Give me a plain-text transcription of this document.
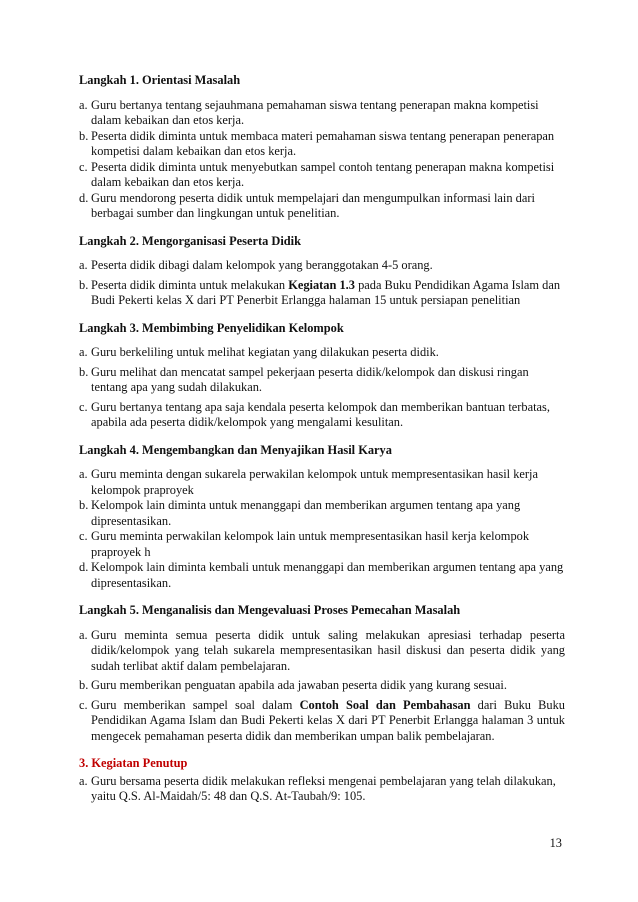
Langkah 1. Orientasi Masalah
a. Guru bertanya tentang sejauhmana pemahaman siswa tentang penerapan makna kompetisi dalam kebaikan dan etos kerja.
b. Peserta didik diminta untuk membaca materi pemahaman siswa tentang penerapan penerapan kompetisi dalam kebaikan dan etos kerja.
c. Peserta didik diminta untuk menyebutkan sampel contoh tentang penerapan makna kompetisi dalam kebaikan dan etos kerja.
d. Guru mendorong peserta didik untuk mempelajari dan mengumpulkan informasi lain dari berbagai sumber dan lingkungan untuk penelitian.
Langkah 2. Mengorganisasi Peserta Didik
a. Peserta didik dibagi dalam kelompok yang beranggotakan 4-5 orang.
b. Peserta didik diminta untuk melakukan Kegiatan 1.3 pada Buku Pendidikan Agama Islam dan Budi Pekerti kelas X dari PT Penerbit Erlangga halaman 15 untuk persiapan penelitian
Langkah 3. Membimbing Penyelidikan Kelompok
a. Guru berkeliling untuk melihat kegiatan yang dilakukan peserta didik.
b. Guru melihat dan mencatat sampel pekerjaan peserta didik/kelompok dan diskusi ringan tentang apa yang sudah dilakukan.
c. Guru bertanya tentang apa saja kendala peserta kelompok dan memberikan bantuan terbatas, apabila ada peserta didik/kelompok yang mengalami kesulitan.
Langkah 4. Mengembangkan dan Menyajikan Hasil Karya
a. Guru meminta dengan sukarela perwakilan kelompok untuk mempresentasikan hasil kerja kelompok praproyek
b. Kelompok lain diminta untuk menanggapi dan memberikan argumen tentang apa yang dipresentasikan.
c. Guru meminta perwakilan kelompok lain untuk mempresentasikan hasil kerja kelompok praproyek h
d. Kelompok lain diminta kembali untuk menanggapi dan memberikan argumen tentang apa yang dipresentasikan.
Langkah 5. Menganalisis dan Mengevaluasi Proses Pemecahan Masalah
a. Guru meminta semua peserta didik untuk saling melakukan apresiasi terhadap peserta didik/kelompok yang telah sukarela mempresentasikan hasil diskusi dan peserta didik yang sudah terlibat aktif dalam pembelajaran.
b. Guru memberikan penguatan apabila ada jawaban peserta didik yang kurang sesuai.
c. Guru memberikan sampel soal dalam Contoh Soal dan Pembahasan dari Buku Buku Pendidikan Agama Islam dan Budi Pekerti kelas X dari PT Penerbit Erlangga halaman 3 untuk mengecek pemahaman peserta didik dan memberikan umpan balik pembelajaran.
3. Kegiatan Penutup
a. Guru bersama peserta didik melakukan refleksi mengenai pembelajaran yang telah dilakukan, yaitu Q.S. Al-Maidah/5: 48 dan Q.S. At-Taubah/9: 105.
13
